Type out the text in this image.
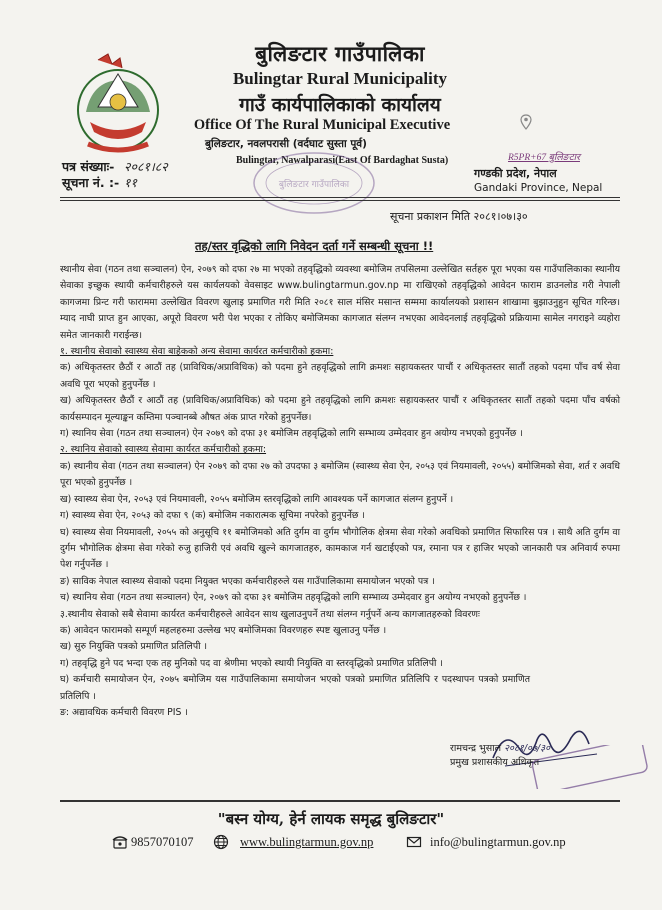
बुलिङटार गाउँपालिका
Bulingtar Rural Municipality
गाउँ कार्यपालिकाको कार्यालय
Office Of The Rural Municipal Executive
बुलिङटार, नवलपरासी (वर्दघाट सुस्ता पूर्व)
Bulingtar, Nawalparasi(East Of Bardaghat Susta)
पत्र संख्याः- २०८१।८२
सूचना नं. :- ११
R5PR+67 बुलिङटार
गण्डकी प्रदेश, नेपाल
Gandaki Province, Nepal
बुलिङटार गाउँपालिका
सूचना प्रकाशन मिति २०८१।०७।३०
तह/स्तर वृद्धिको लागि निवेदन दर्ता गर्ने सम्बन्धी सूचना !!

स्थानीय सेवा (गठन तथा सञ्चालन) ऐन, २०७९ को दफा २७ मा भएको तहवृद्धिको व्यवस्था बमोजिम तपसिलमा उल्लेखित सर्तहरु पूरा भएका यस गाउँपालिकाका स्थानीय सेवाका इच्छुक स्थायी कर्मचारीहरुले यस कार्यलयको वेवसाइट www.bulingtarmun.gov.np मा राखिएको तहवृद्धिको आवेदन फाराम डाउनलोड गरी नेपाली कागजमा प्रिन्ट गरी फाराममा उल्लेखित विवरण खुलाइ प्रमाणित गरी मिति २०८१ साल मंसिर मसान्त सम्ममा कार्यालयको प्रशासन शाखामा बुझाउनुहुन सूचित गरिन्छ। म्याद नाघी प्राप्त हुन आएका, अपूरो विवरण भरी पेश भएका र तोकिए बमोजिमका कागजात संलग्न नभएका आवेदनलाई तहवृद्धिको प्रक्रियामा सामेल नगराइने व्यहोरा समेत जानकारी गराईन्छ।

१. स्थानीय सेवाको स्वास्थ्य सेवा बाहेकको अन्य सेवामा कार्यरत कर्मचारीको हकमा:

क) अधिकृतस्तर छैठौं र आठौं तह (प्राविधिक/अप्राविधिक) को पदमा हुने तहवृद्धिको लागि क्रमशः सहायकस्तर पाचौं र अधिकृतस्तर सातौं तहको पदमा पाँच वर्ष सेवा अवधि पूरा भएको हुनुपर्नेछ ।

ख) अधिकृतस्तर छैठौं र आठौं तह (प्राविधिक/अप्राविधिक) को पदमा हुने तहवृद्धिको लागि क्रमशः सहायकस्तर पाचौं र अधिकृतस्तर सातौं तहको पदमा पाँच वर्षको कार्यसम्पादन मूल्याङ्कन कम्तिमा पञ्चानब्बे औषत अंक प्राप्त गरेको हुनुपर्नेछ।

ग) स्थानिय सेवा (गठन तथा सञ्चालन) ऐन २०७९ को दफा ३१ बमोजिम तहवृद्धिको लागि सम्भाव्य उम्मेदवार हुन अयोग्य नभएको हुनुपर्नेछ ।

२. स्थानिय सेवाको स्वास्थ्य सेवामा कार्यरत कर्मचारीको हकमा:

क) स्थानीय सेवा (गठन तथा सञ्चालन) ऐन २०७९ को दफा २७ को उपदफा ३ बमोजिम (स्वास्थ्य सेवा ऐन, २०५३ एवं नियमावली, २०५५) बमोजिमको सेवा, शर्त र अवधि पूरा भएको हुनुपर्नेछ ।

ख) स्वास्थ्य सेवा ऐन, २०५३ एवं नियमावली, २०५५ बमोजिम स्तरवृद्धिको लागि आवश्यक पर्ने कागजात संलग्न हुनुपर्ने ।

ग) स्वास्थ्य सेवा ऐन, २०५३ को दफा ९ (क) बमोजिम नकारात्मक सूचिमा नपरेको हुनुपर्नेछ ।

घ) स्वास्थ्य सेवा नियमावली, २०५५ को अनुसूचि ११ बमोजिमको अति दुर्गम वा दुर्गम भौगोलिक क्षेत्रमा सेवा गरेको अवधिको प्रमाणित सिफारिस पत्र । साथै अति दुर्गम वा दुर्गम भौगोलिक क्षेत्रमा सेवा गरेको रुजु हाजिरी एवं अवधि खुल्ने कागजातहरु, कामकाज गर्न खटाईएको पत्र, रमाना पत्र र हाजिर भएको जानकारी पत्र अनिवार्य रुपमा पेश गर्नुपर्नेछ ।

ङ) साविक नेपाल स्वास्थ्य सेवाको पदमा नियुक्त भएका कर्मचारीहरुले यस गाउँपालिकामा समायोजन भएको पत्र ।

च) स्थानिय सेवा (गठन तथा सञ्चालन) ऐन, २०७९ को दफा ३१ बमोजिम तहवृद्धिको लागि सम्भाव्य उम्मेदवार हुन अयोग्य नभएको हुनुपर्नेछ ।

३.स्थानीय सेवाको सबै सेवामा कार्यरत कर्मचारीहरुले आवेदन साथ खुलाउनुपर्ने तथा संलग्न गर्नुपर्ने अन्य कागजातहरुको विवरणः

क) आवेदन फारामको सम्पूर्ण महलहरुमा उल्लेख भए बमोजिमका विवरणहरु स्पष्ट खुलाउनु पर्नेछ ।

ख) सुरु नियुक्ति पत्रको प्रमाणित प्रतिलिपी ।

ग) तहवृद्धि हुने पद भन्दा एक तह मुनिको पद वा श्रेणीमा भएको स्थायी नियुक्ति वा स्तरवृद्धिको प्रमाणित प्रतिलिपी ।

घ) कर्मचारी समायोजन ऐन, २०७५ बमोजिम यस गाउँपालिकामा समायोजन भएको पत्रको प्रमाणित प्रतिलिपि र पदस्थापन पत्रको प्रमाणित प्रतिलिपि ।

ङ: अद्यावधिक कर्मचारी विवरण PIS ।

रामचन्द्र भुसाल २०८१/०७/३०
प्रमुख प्रशासकीय अधिकृत
"बस्न योग्य, हेर्न लायक समृद्ध बुलिङटार"
9857070107	www.bulingtarmun.gov.np	info@bulingtarmun.gov.np
